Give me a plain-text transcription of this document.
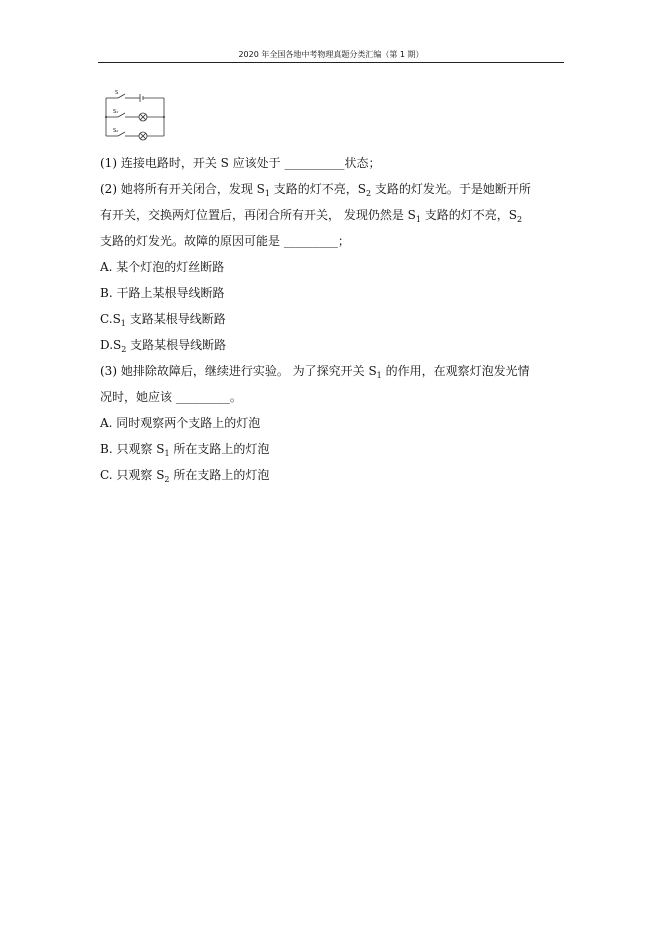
2020 年全国各地中考物理真题分类汇编（第 1 期）
S
S₁
S₂
(1) 连接电路时，开关 S 应该处于 __________状态；
(2) 她将所有开关闭合，发现 $S_1$ 支路的灯不亮，$S_2$ 支路的灯发光。于是她断开所
有开关，交换两灯位置后，再闭合所有开关， 发现仍然是 $S_1$ 支路的灯不亮，$S_2$
支路的灯发光。故障的原因可能是 _________；
A. 某个灯泡的灯丝断路
B. 干路上某根导线断路
$C.S_1$ 支路某根导线断路
$D.S_2$ 支路某根导线断路
(3) 她排除故障后，继续进行实验。 为了探究开关 $S_1$ 的作用，在观察灯泡发光情
况时，她应该 _________。
A. 同时观察两个支路上的灯泡
B. 只观察 $S_1$ 所在支路上的灯泡
C. 只观察 $S_2$ 所在支路上的灯泡
